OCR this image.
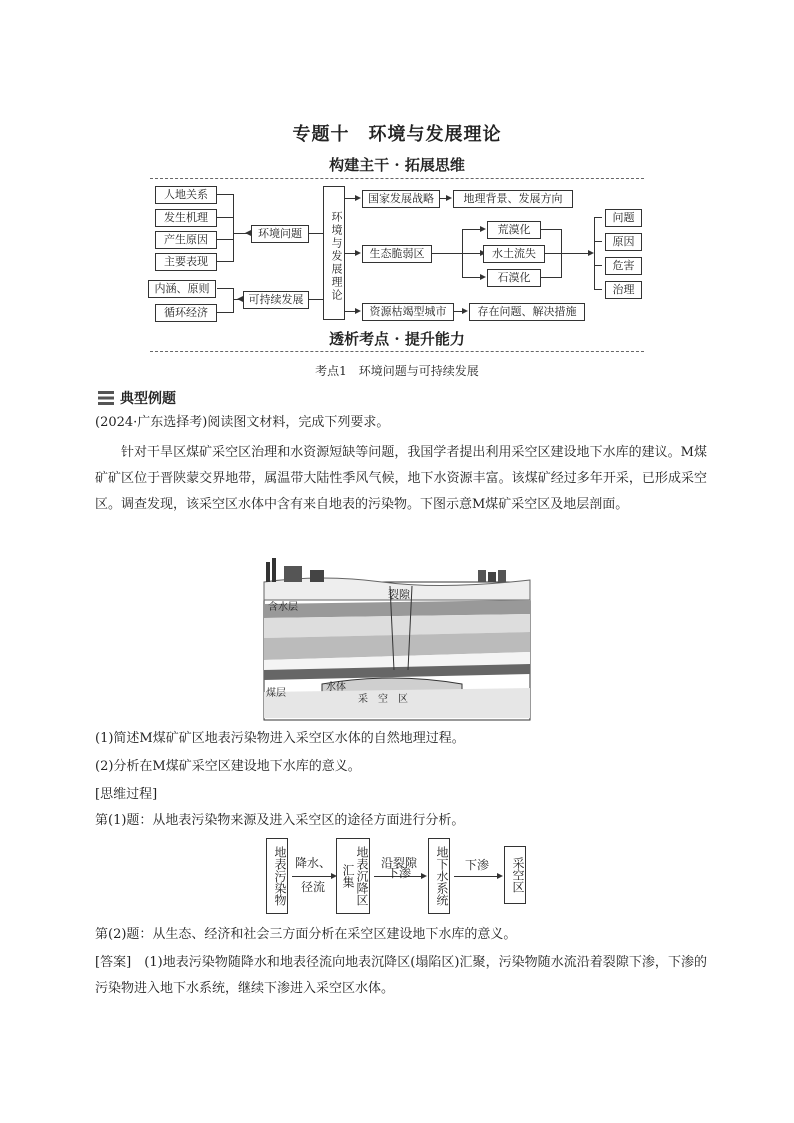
专题十　环境与发展理论
构建主干 · 拓展思维
人地关系
发生机理
产生原因
主要表现
环境问题
内涵、原则
循环经济
可持续发展	环境与发展理论
国家发展战略	地理背景、发展方向
生态脆弱区
荒漠化
水土流失
石漠化
问题
原因
危害
治理
资源枯竭型城市	存在问题、解决措施
透析考点 · 提升能力
考点1　环境问题与可持续发展
典型例题
(2024·广东选择考)阅读图文材料，完成下列要求。
针对干旱区煤矿采空区治理和水资源短缺等问题，我国学者提出利用采空区建设地下水库的建议。M煤矿矿区位于晋陕蒙交界地带，属温带大陆性季风气候，地下水资源丰富。该煤矿经过多年开采，已形成采空区。调查发现，该采空区水体中含有来自地表的污染物。下图示意M煤矿采空区及地层剖面。
裂隙
含水层
煤层
水体
采　空　区
(1)简述M煤矿矿区地表污染物进入采空区水体的自然地理过程。
(2)分析在M煤矿采空区建设地下水库的意义。
[思维过程]
第(1)题：从地表污染物来源及进入采空区的途径方面进行分析。
地表污染物 降水、
径流	地表沉降区汇集
沿裂隙
下渗	地下水系统	下渗	采空区
第(2)题：从生态、经济和社会三方面分析在采空区建设地下水库的意义。
[答案]　(1)地表污染物随降水和地表径流向地表沉降区(塌陷区)汇聚，污染物随水流沿着裂隙下渗，下渗的污染物进入地下水系统，继续下渗进入采空区水体。
